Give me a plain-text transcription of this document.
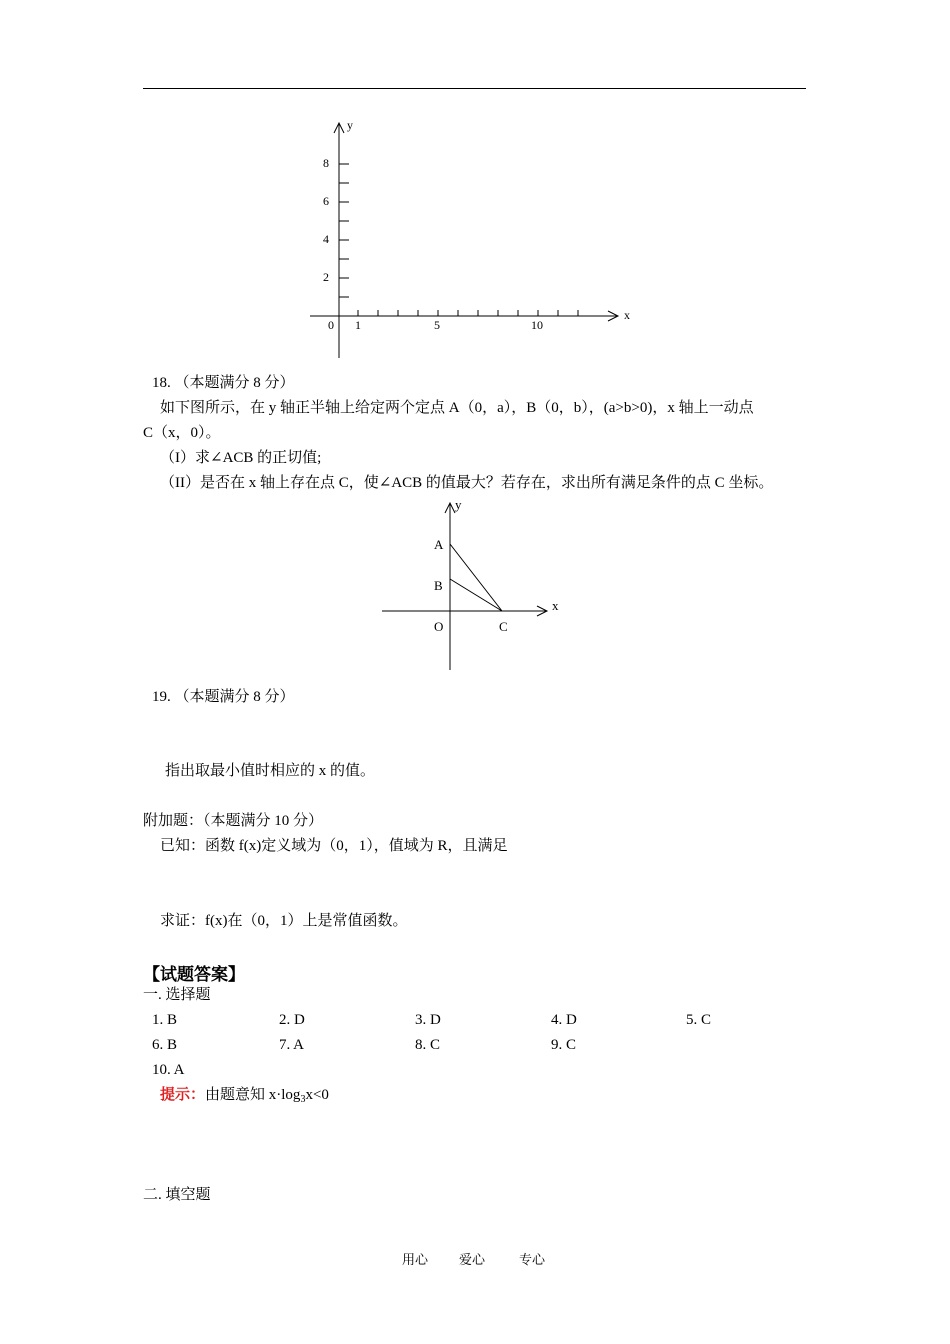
y
x
0
2
4
6
8
1	5	10
18. （本题满分 8 分）
如下图所示，在 y 轴正半轴上给定两个定点 A（0，a），B（0，b），(a>b>0)，x 轴上一动点
C（x，0）。
（I）求∠ACB 的正切值;
（II）是否在 x 轴上存在点 C，使∠ACB 的值最大？若存在，求出所有满足条件的点 C 坐标。
y
x
A
B
O	C
19. （本题满分 8 分）
指出取最小值时相应的 x 的值。
附加题：（本题满分 10 分）
已知：函数 f(x)定义域为（0，1），值域为 R，且满足
求证：f(x)在（0，1）上是常值函数。
【试题答案】
一. 选择题
1. B	2. D	3. D	4. D	5. C
6. B	7. A	8. C	9. C
10. A
提示：由题意知 $x\cdot\log_3x<0$
二. 填空题
用心 爱心	专心
